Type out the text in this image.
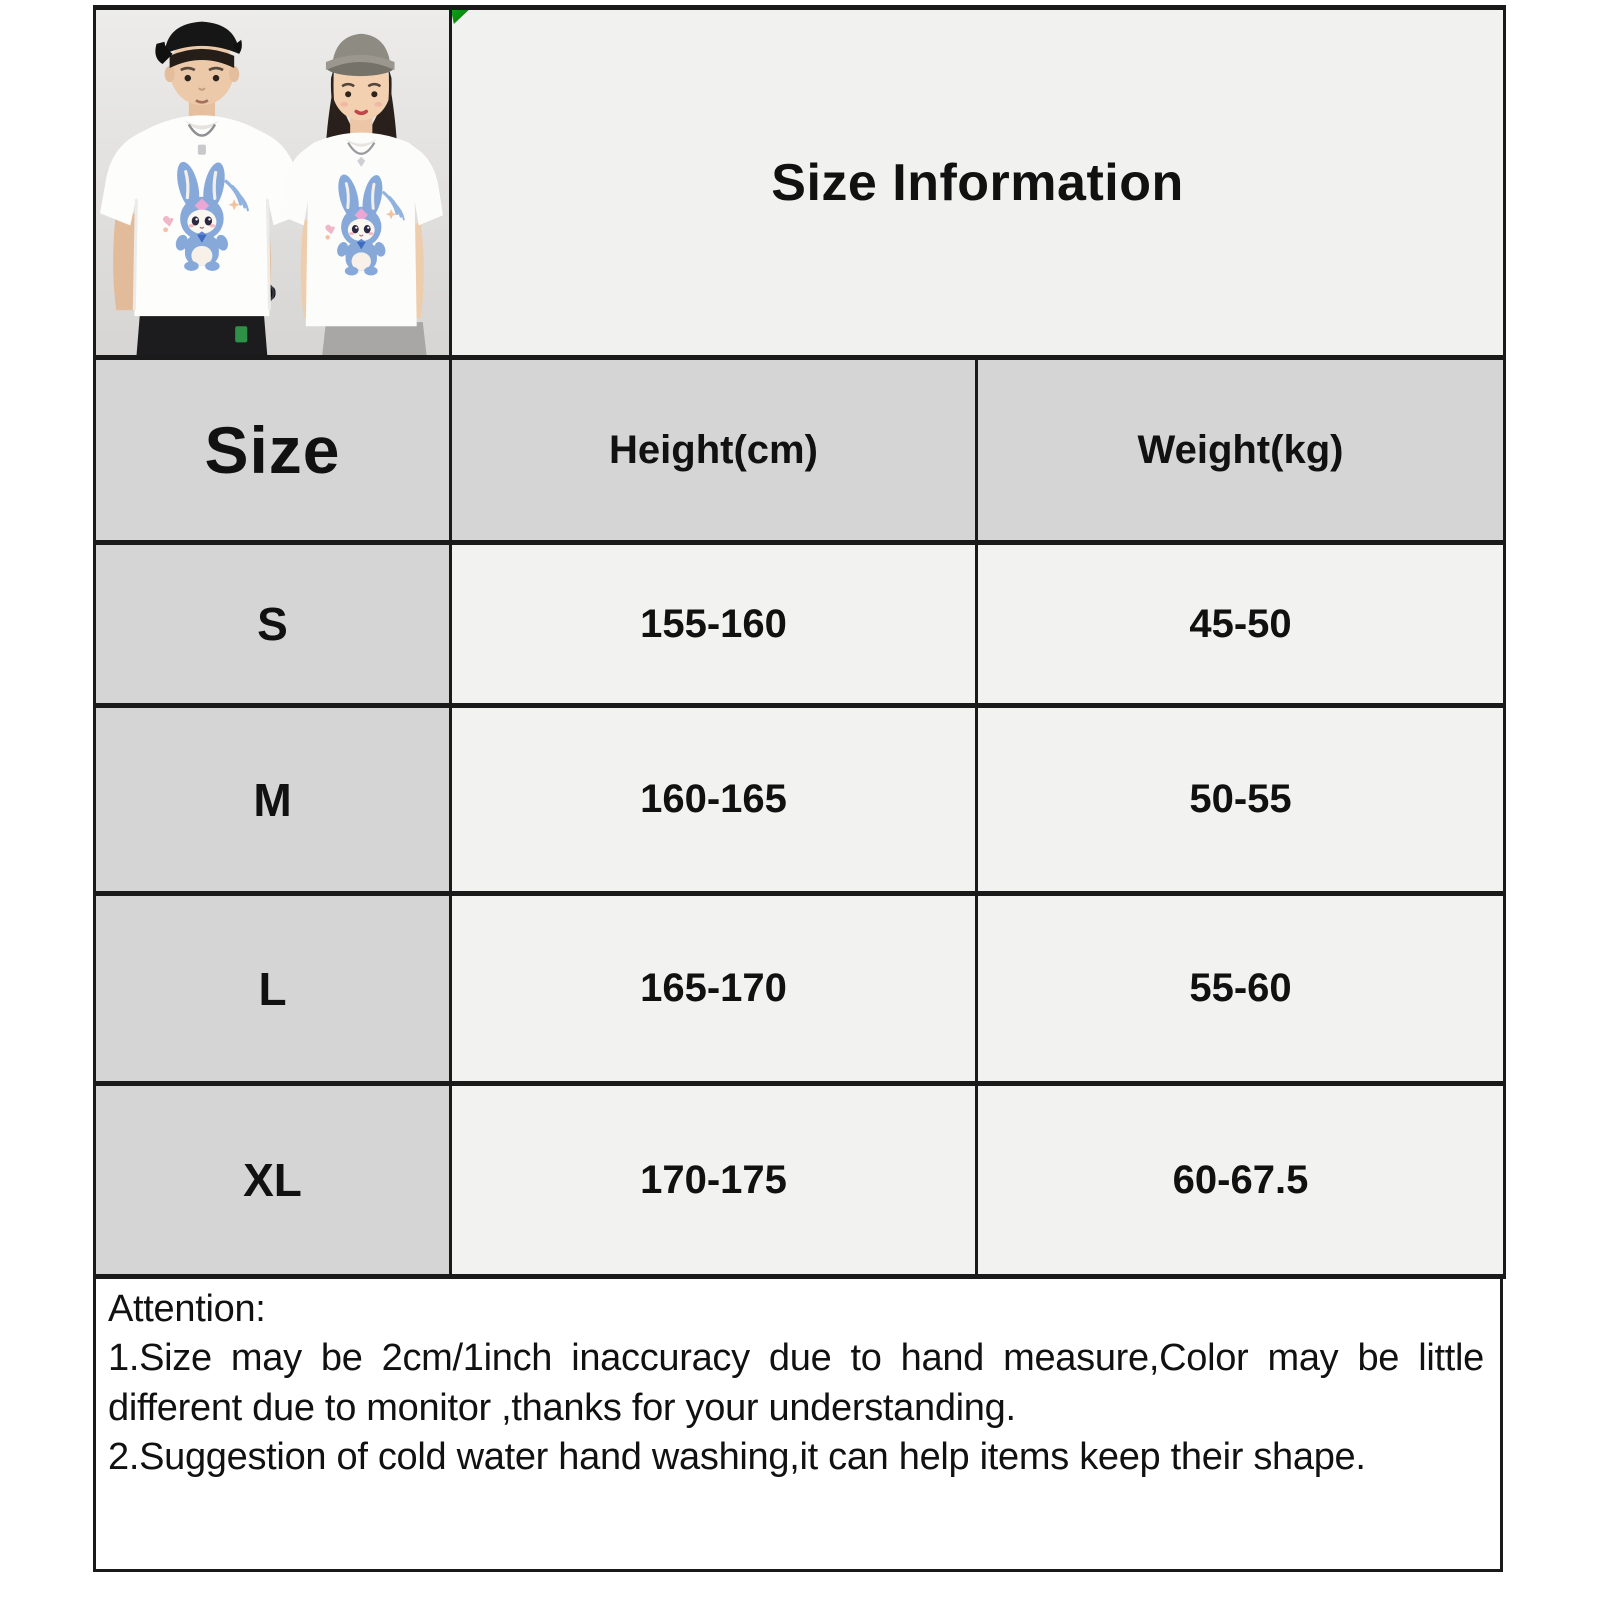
Size Information	
Size	Height(cm)	Weight(kg)
S	155-160	45-50
M	160-165	50-55
L	165-170	55-60
XL	170-175	60-67.5

Attention:

1.Size may be 2cm/1inch inaccuracy due to hand measure,Color may be little different due to monitor ,thanks for your understanding.

2.Suggestion of cold water hand washing,it can help items keep their shape.
